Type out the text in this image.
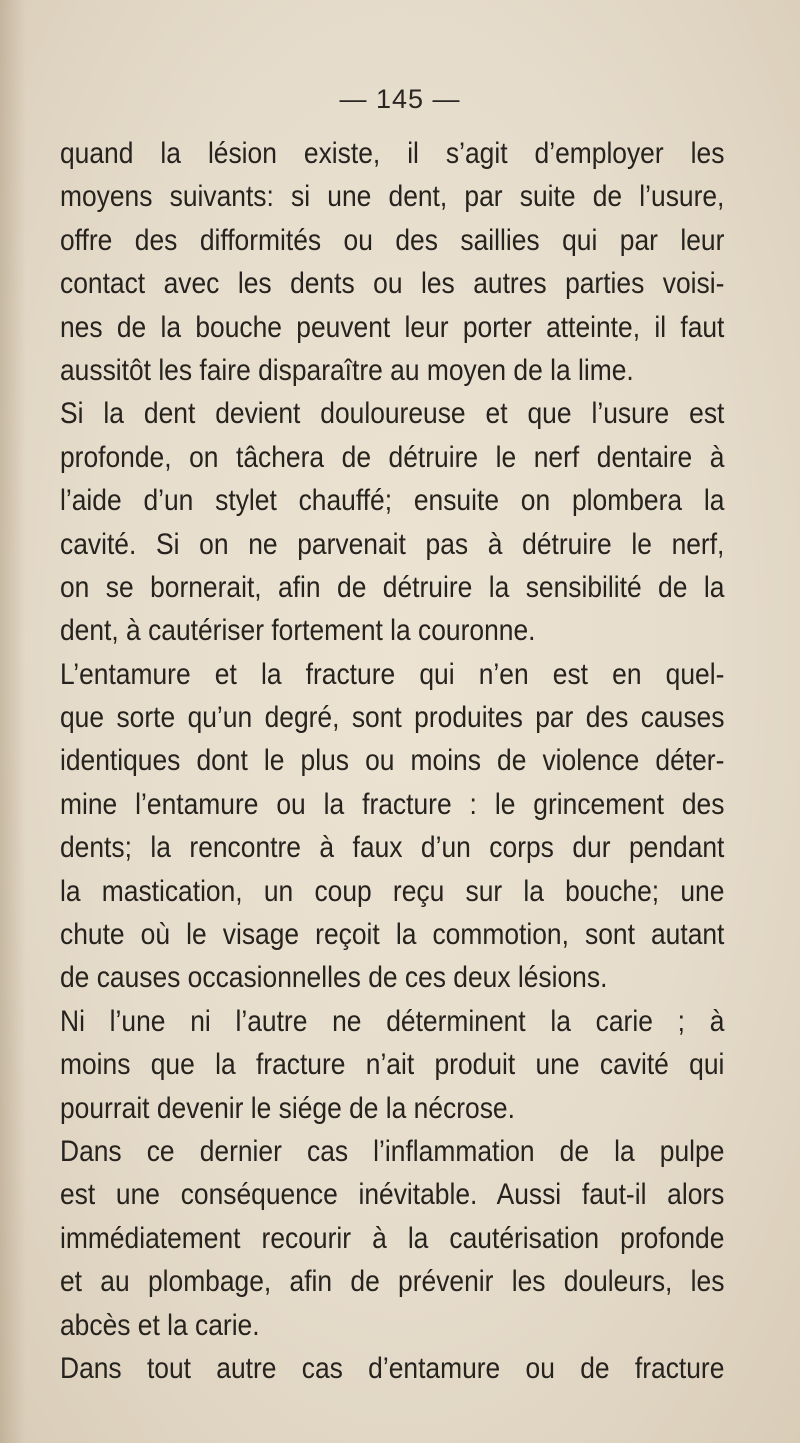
— 145 —
quand la lésion existe, il s’agit d’employer les
moyens suivants: si une dent, par suite de l’usure,
offre des difformités ou des saillies qui par leur
contact avec les dents ou les autres parties voisi-
nes de la bouche peuvent leur porter atteinte, il faut
aussitôt les faire disparaître au moyen de la lime.
Si la dent devient douloureuse et que l’usure est
profonde, on tâchera de détruire le nerf dentaire à
l’aide d’un stylet chauffé; ensuite on plombera la
cavité. Si on ne parvenait pas à détruire le nerf,
on se bornerait, afin de détruire la sensibilité de la
dent, à cautériser fortement la couronne.
L’entamure et la fracture qui n’en est en quel-
que sorte qu’un degré, sont produites par des causes
identiques dont le plus ou moins de violence déter-
mine l’entamure ou la fracture : le grincement des
dents; la rencontre à faux d’un corps dur pendant
la mastication, un coup reçu sur la bouche; une
chute où le visage reçoit la commotion, sont autant
de causes occasionnelles de ces deux lésions.
Ni l’une ni l’autre ne déterminent la carie ; à
moins que la fracture n’ait produit une cavité qui
pourrait devenir le siége de la nécrose.
Dans ce dernier cas l’inflammation de la pulpe
est une conséquence inévitable. Aussi faut-il alors
immédiatement recourir à la cautérisation profonde
et au plombage, afin de prévenir les douleurs, les
abcès et la carie.
Dans tout autre cas d’entamure ou de fracture
